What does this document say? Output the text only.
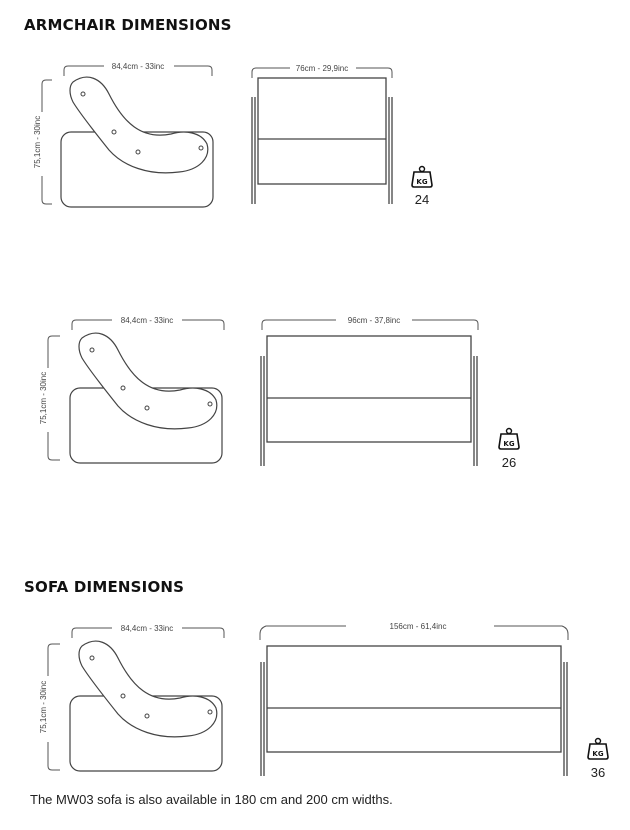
ARMCHAIR DIMENSIONS
SOFA DIMENSIONS
84,4cm - 33inc
75,1cm - 30inc
76cm - 29,9inc
KG
24
84,4cm - 33inc
75,1cm - 30inc
96cm - 37,8inc
KG
26
84,4cm - 33inc
75,1cm - 30inc
156cm - 61,4inc
KG
36

The MW03 sofa is also available in 180 cm and 200 cm widths.
